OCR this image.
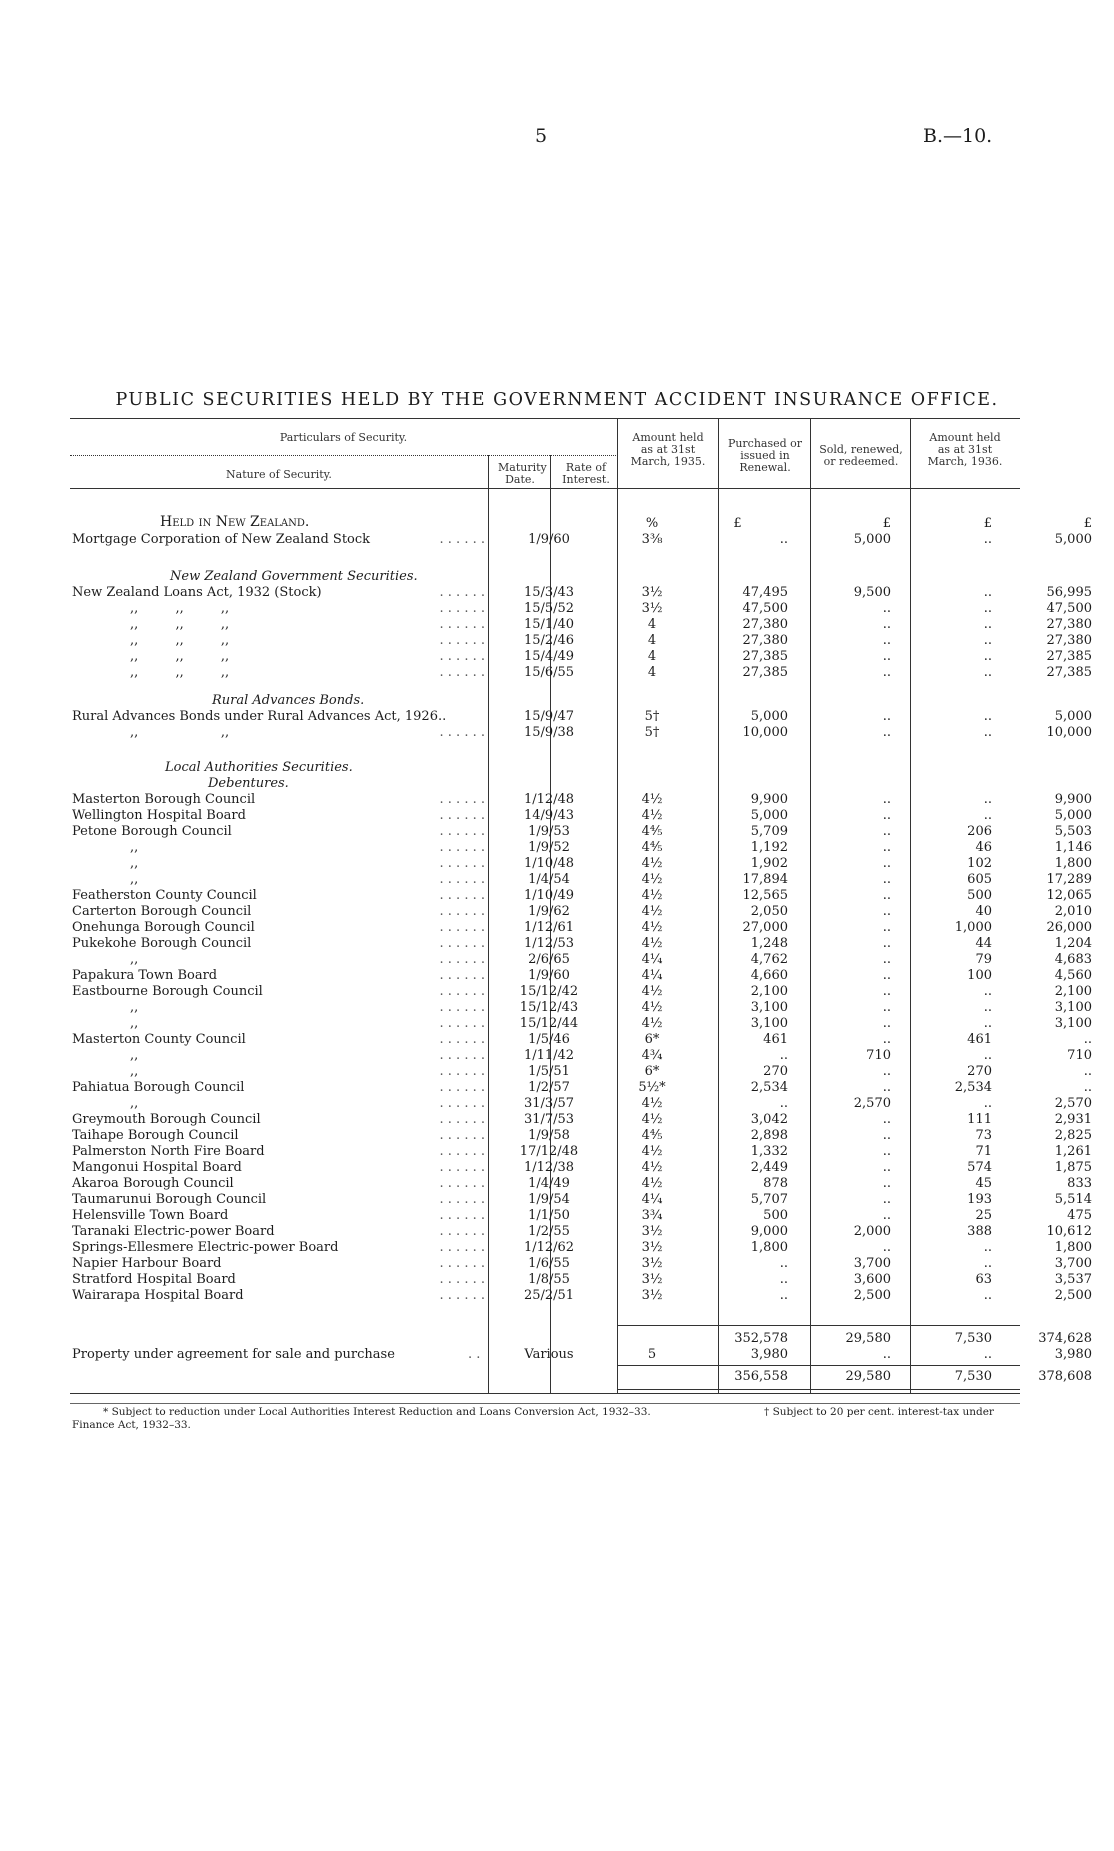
5	B.—10.
PUBLIC SECURITIES HELD BY THE GOVERNMENT ACCIDENT INSURANCE OFFICE.
Particulars of Security.
Nature of Security.
Maturity Date.
Rate of Interest.
Amount held as at 31st March, 1935.
Purchased or issued in Renewal.
Sold, renewed, or redeemed.
Amount held as at 31st March, 1936.
%	£	£	£	£
Held in New Zealand.
New Zealand Government Securities.
Rural Advances Bonds.
Local Authorities Securities.
Debentures.
. . . . . .
Mortgage Corporation of New Zealand Stock	1/9/60	3⅜	..	5,000	..	5,000
. . . . . .
New Zealand Loans Act, 1932 (Stock)	15/3/43	3½	47,495	9,500	..	56,995
. . . . . .
,,         ,,         ,,	15/5/52	3½	47,500	..	..	47,500
. . . . . .
,,         ,,         ,,	15/1/40	4	27,380	..	..	27,380
. . . . . .
,,         ,,         ,,	15/2/46	4	27,380	..	..	27,380
. . . . . .
,,         ,,         ,,	15/4/49	4	27,385	..	..	27,385
. . . . . .
,,         ,,         ,,	15/6/55	4	27,385	..	..	27,385
Rural Advances Bonds under Rural Advances Act, 1926..	15/9/47	5†	5,000	..	..	5,000
. . . . . .
,,                    ,,	15/9/38	5†	10,000	..	..	10,000
. . . . . .
Masterton Borough Council	1/12/48	4½	9,900	..	..	9,900
. . . . . .
Wellington Hospital Board	14/9/43	4½	5,000	..	..	5,000
. . . . . .
Petone Borough Council	1/9/53	4⅘	5,709	..	206	5,503
. . . . . .
,,	1/9/52	4⅘	1,192	..	46	1,146
. . . . . .
,,	1/10/48	4½	1,902	..	102	1,800
. . . . . .
,,	1/4/54	4½	17,894	..	605	17,289
. . . . . .
Featherston County Council	1/10/49	4½	12,565	..	500	12,065
. . . . . .
Carterton Borough Council	1/9/62	4½	2,050	..	40	2,010
. . . . . .
Onehunga Borough Council	1/12/61	4½	27,000	..	1,000	26,000
. . . . . .
Pukekohe Borough Council	1/12/53	4½	1,248	..	44	1,204
. . . . . .
,,	2/6/65	4¼	4,762	..	79	4,683
. . . . . .
Papakura Town Board	1/9/60	4¼	4,660	..	100	4,560
. . . . . .
Eastbourne Borough Council	15/12/42	4½	2,100	..	..	2,100
. . . . . .
,,	15/12/43	4½	3,100	..	..	3,100
. . . . . .
,,	15/12/44	4½	3,100	..	..	3,100
. . . . . .
Masterton County Council	1/5/46	6*	461	..	461	..
. . . . . .
,,	1/11/42	4¾	..	710	..	710
. . . . . .
,,	1/5/51	6*	270	..	270	..
. . . . . .
Pahiatua Borough Council	1/2/57	5½*	2,534	..	2,534	..
. . . . . .
,,	31/3/57	4½	..	2,570	..	2,570
. . . . . .
Greymouth Borough Council	31/7/53	4½	3,042	..	111	2,931
. . . . . .
Taihape Borough Council	1/9/58	4⅘	2,898	..	73	2,825
. . . . . .
Palmerston North Fire Board	17/12/48	4½	1,332	..	71	1,261
. . . . . .
Mangonui Hospital Board	1/12/38	4½	2,449	..	574	1,875
. . . . . .
Akaroa Borough Council	1/4/49	4½	878	..	45	833
. . . . . .
Taumarunui Borough Council	1/9/54	4¼	5,707	..	193	5,514
. . . . . .
Helensville Town Board	1/1/50	3¾	500	..	25	475
. . . . . .
Taranaki Electric-power Board	1/2/55	3½	9,000	2,000	388	10,612
. . . . . .
Springs-Ellesmere Electric-power Board	1/12/62	3½	1,800	..	..	1,800
. . . . . .
Napier Harbour Board	1/6/55	3½	..	3,700	..	3,700
. . . . . .
Stratford Hospital Board	1/8/55	3½	..	3,600	63	3,537
. . . . . .
Wairarapa Hospital Board	25/2/51	3½	..	2,500	..	2,500
352,578	29,580	7,530	374,628
Property under agreement for sale and purchase	. .	Various	5	3,980	..	..	3,980
356,558	29,580	7,530	378,608
* Subject to reduction under Local Authorities Interest Reduction and Loans Conversion Act, 1932–33.
Finance Act, 1932–33.
† Subject to 20 per cent. interest-tax under
